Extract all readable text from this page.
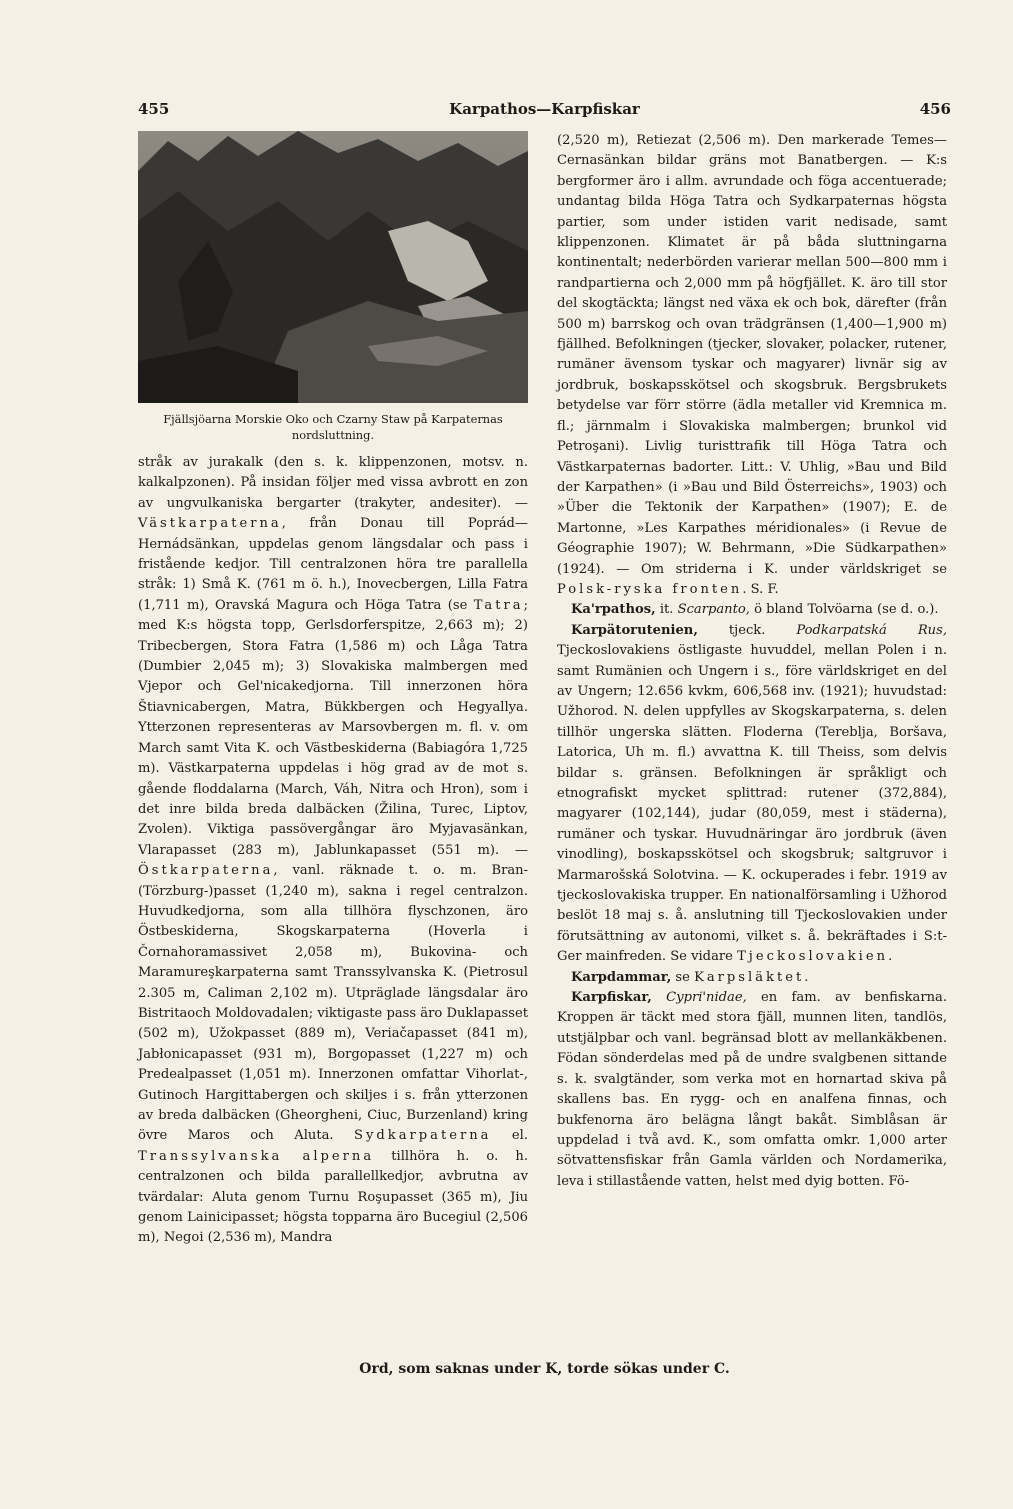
455	Karpathos—Karpfiskar	456
Fjällsjöarna Morskie Oko och Czarny Staw på Karpaternas nordsluttning.

stråk av jurakalk (den s. k. klippenzonen, motsv. n. kalkalpzonen). På insidan följer med vissa avbrott en zon av ungvulkaniska bergarter (trakyter, andesiter). — Västkarpaterna, från Donau till Poprád—Hernádsänkan, uppdelas genom längsdalar och pass i fristående kedjor. Till centralzonen höra tre parallella stråk: 1) Små K. (761 m ö. h.), Inovecbergen, Lilla Fatra (1,711 m), Oravská Magura och Höga Tatra (se Tatra; med K:s högsta topp, Gerlsdorferspitze, 2,663 m); 2) Tribecbergen, Stora Fatra (1,586 m) och Låga Tatra (Dumbier 2,045 m); 3) Slovakiska malmbergen med Vjepor och Gel'nicakedjorna. Till innerzonen höra Štiavnicabergen, Matra, Bükkbergen och Hegyallya. Ytterzonen representeras av Marsovbergen m. fl. v. om March samt Vita K. och Västbeskiderna (Babiagóra 1,725 m). Västkarpaterna uppdelas i hög grad av de mot s. gående floddalarna (March, Váh, Nitra och Hron), som i det inre bilda breda dalbäcken (Žilina, Turec, Liptov, Zvolen). Viktiga passövergångar äro Myjavasänkan, Vlarapasset (283 m), Jablunkapasset (551 m). — Östkarpaterna, vanl. räknade t. o. m. Bran- (Törzburg-)passet (1,240 m), sakna i regel centralzon. Huvudkedjorna, som alla tillhöra flyschzonen, äro Östbeskiderna, Skogskarpaterna (Hoverla i Čornahoramassivet 2,058 m), Bukovina- och Maramureşkarpaterna samt Transsylvanska K. (Pietrosul 2.305 m, Caliman 2,102 m). Utpräglade längsdalar äro Bistritaoch Moldovadalen; viktigaste pass äro Duklapasset (502 m), Užokpasset (889 m), Veriačapasset (841 m), Jabłonicapasset (931 m), Borgopasset (1,227 m) och Predealpasset (1,051 m). Innerzonen omfattar Vihorlat-, Gutinoch Hargittabergen och skiljes i s. från ytterzonen av breda dalbäcken (Gheorgheni, Ciuc, Burzenland) kring övre Maros och Aluta. Sydkarpaterna el. Transsylvanska alperna tillhöra h. o. h. centralzonen och bilda parallellkedjor, avbrutna av tvärdalar: Aluta genom Turnu Roşupasset (365 m), Jiu genom Lainicipasset; högsta topparna äro Bucegiul (2,506 m), Negoi (2,536 m), Mandra

(2,520 m), Retiezat (2,506 m). Den markerade Temes—Cernasänkan bildar gräns mot Banatbergen. — K:s bergformer äro i allm. avrundade och föga accentuerade; undantag bilda Höga Tatra och Sydkarpaternas högsta partier, som under istiden varit nedisade, samt klippenzonen. Klimatet är på båda sluttningarna kontinentalt; nederbörden varierar mellan 500—800 mm i randpartierna och 2,000 mm på högfjället. K. äro till stor del skogtäckta; längst ned växa ek och bok, därefter (från 500 m) barrskog och ovan trädgränsen (1,400—1,900 m) fjällhed. Befolkningen (tjecker, slovaker, polacker, rutener, rumäner ävensom tyskar och magyarer) livnär sig av jordbruk, boskapsskötsel och skogsbruk. Bergsbrukets betydelse var förr större (ädla metaller vid Kremnica m. fl.; järnmalm i Slovakiska malmbergen; brunkol vid Petroşani). Livlig turisttrafik till Höga Tatra och Västkarpaternas badorter. Litt.: V. Uhlig, »Bau und Bild der Karpathen» (i »Bau und Bild Österreichs», 1903) och »Über die Tektonik der Karpathen» (1907); E. de Martonne, »Les Karpathes méridionales» (i Revue de Géographie 1907); W. Behrmann, »Die Südkarpathen» (1924). — Om striderna i K. under världskriget se Polsk-ryska fronten. S. F.

Ka'rpathos, it. Scarpanto, ö bland Tolvöarna (se d. o.).

Karpätorutenien, tjeck. Podkarpatská Rus, Tjeckoslovakiens östligaste huvuddel, mellan Polen i n. samt Rumänien och Ungern i s., före världskriget en del av Ungern; 12.656 kvkm, 606,568 inv. (1921); huvudstad: Užhorod. N. delen uppfylles av Skogskarpaterna, s. delen tillhör ungerska slätten. Floderna (Tereblja, Boršava, Latorica, Uh m. fl.) avvattna K. till Theiss, som delvis bildar s. gränsen. Befolkningen är språkligt och etnografiskt mycket splittrad: rutener (372,884), magyarer (102,144), judar (80,059, mest i städerna), rumäner och tyskar. Huvudnäringar äro jordbruk (även vinodling), boskapsskötsel och skogsbruk; saltgruvor i Marmarošská Solotvina. — K. ockuperades i febr. 1919 av tjeckoslovakiska trupper. En nationalförsamling i Užhorod beslöt 18 maj s. å. anslutning till Tjeckoslovakien under förutsättning av autonomi, vilket s. å. bekräftades i S:t-Ger mainfreden. Se vidare Tjeckoslovakien.

Karpdammar, se Karpsläktet.

Karpfiskar, Cypri'nidae, en fam. av benfiskarna. Kroppen är täckt med stora fjäll, munnen liten, tandlös, utstjälpbar och vanl. begränsad blott av mellankäkbenen. Födan sönderdelas med på de undre svalgbenen sittande s. k. svalgtänder, som verka mot en hornartad skiva på skallens bas. En rygg- och en analfena finnas, och bukfenorna äro belägna långt bakåt. Simblåsan är uppdelad i två avd. K., som omfatta omkr. 1,000 arter sötvattensfiskar från Gamla världen och Nordamerika, leva i stillastående vatten, helst med dyig botten. Fö-

Ord, som saknas under K, torde sökas under C.
